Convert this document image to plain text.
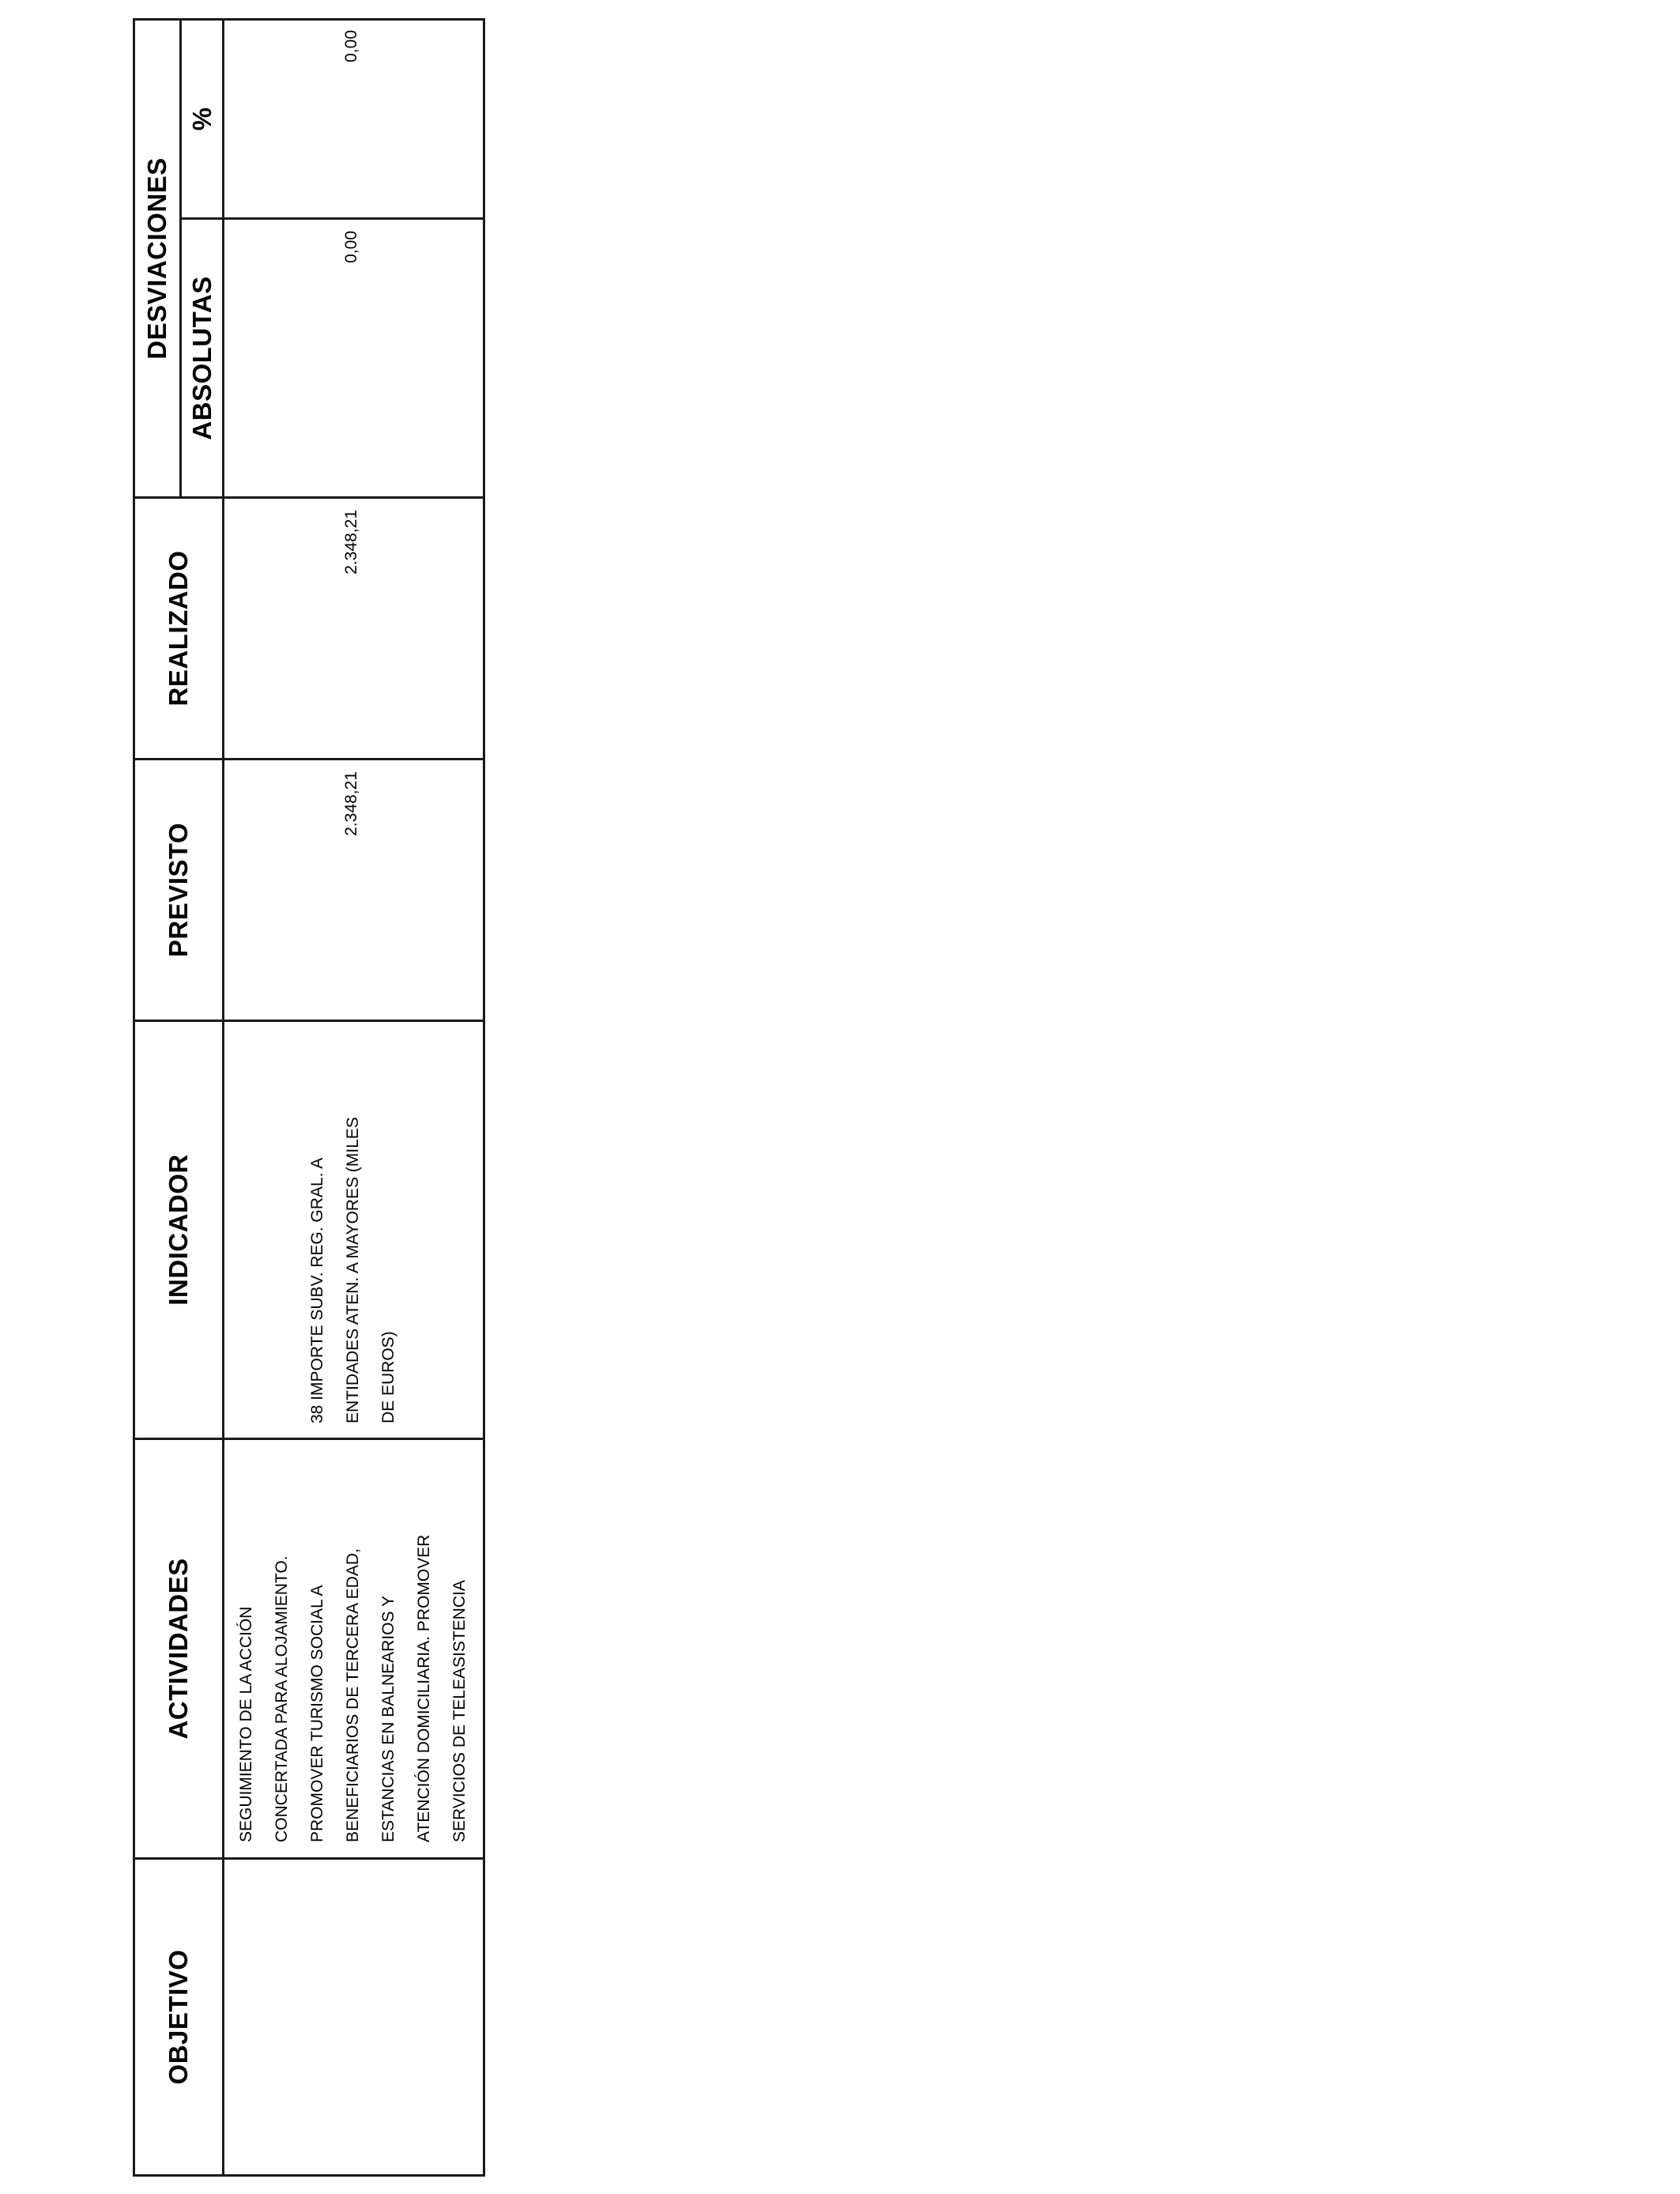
OBJETIVO
ACTIVIDADES
INDICADOR
PREVISTO
REALIZADO
DESVIACIONES ABSOLUTAS
%
SEGUIMIENTO DE LA ACCIÓN
CONCERTADA PARA ALOJAMIENTO.
PROMOVER TURISMO SOCIAL A
BENEFICIARIOS DE TERCERA EDAD,
ESTANCIAS EN BALNEARIOS Y
ATENCIÓN DOMICILIARIA. PROMOVER
SERVICIOS DE TELEASISTENCIA
38 IMPORTE SUBV. REG. GRAL. A
ENTIDADES ATEN. A MAYORES (MILES
DE EUROS)
2.348,21
2.348,21
0,00
0,00
